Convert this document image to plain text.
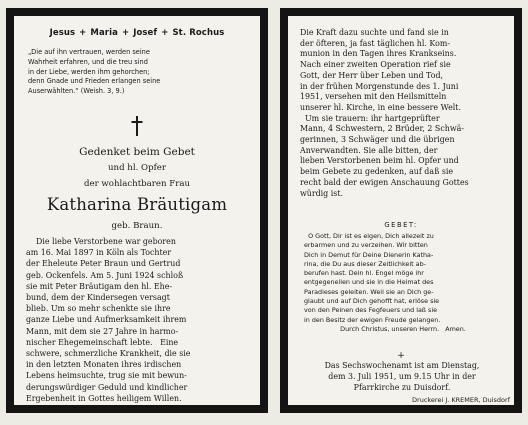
Jesus + Maria + Josef + St. Rochus
„Die auf ihn vertrauen, werden seine
Wahrheit erfahren, und die treu sind
in der Liebe, werden ihm gehorchen;
denn Gnade und Frieden erlangen seine
Auserwählten.“ (Weish. 3, 9.)
Gedenket beim Gebet
und hl. Opfer
der wohlachtbaren Frau
Katharina Bräutigam
geb. Braun.
Die liebe Verstorbene war geboren
am 16. Mai 1897 in Köln als Tochter
der Eheleute Peter Braun und Gertrud
geb. Ockenfels. Am 5. Juni 1924 schloß
sie mit Peter Bräutigam den hl. Ehe-
bund, dem der Kindersegen versagt
blieb. Um so mehr schenkte sie ihre
ganze Liebe und Aufmerksamkeit ihrem
Mann, mit dem sie 27 Jahre in harmo-
nischer Ehegemeinschaft lebte.   Eine
schwere, schmerzliche Krankheit, die sie
in den letzten Monaten ihres irdischen
Lebens heimsuchte, trug sie mit bewun-
derungswürdiger Geduld und kindlicher
Ergebenheit in Gottes heiligem Willen.
Die Kraft dazu suchte und fand sie in
der öfteren, ja fast täglichen hl. Kom-
munion in den Tagen ihres Krankseins.
Nach einer zweiten Operation rief sie
Gott, der Herr über Leben und Tod,
in der frühen Morgenstunde des 1. Juni
1951, versehen mit den Heilsmitteln
unserer hl. Kirche, in eine bessere Welt.
Um sie trauern: ihr hartgeprüfter
Mann, 4 Schwestern, 2 Brüder, 2 Schwä-
gerinnen, 3 Schwäger und die übrigen
Anverwandten. Sie alle bitten, der
lieben Verstorbenen beim hl. Opfer und
beim Gebete zu gedenken, auf daß sie
recht bald der ewigen Anschauung Gottes
würdig ist.
GEBET:
O Gott, Dir ist es eigen, Dich allezeit zu
erbarmen und zu verzeihen. Wir bitten
Dich in Demut für Deine Dienerin Katha-
rina, die Du aus dieser Zeitlichkeit ab-
berufen hast. Dein hl. Engel möge ihr
entgegeneilen und sie in die Heimat des
Paradieses geleiten. Weil sie an Dich ge-
glaubt und auf Dich gehofft hat, erlöse sie
von den Peinen des Fegfeuers und laß sie
in den Besitz der ewigen Freude gelangen.
Durch Christus, unseren Herrn.   Amen.
+
Das Sechswochenamt ist am Dienstag,
dem 3. Juli 1951, um 9.15 Uhr in der
Pfarrkirche zu Duisdorf.
Druckerei J. KREMER, Duisdorf
